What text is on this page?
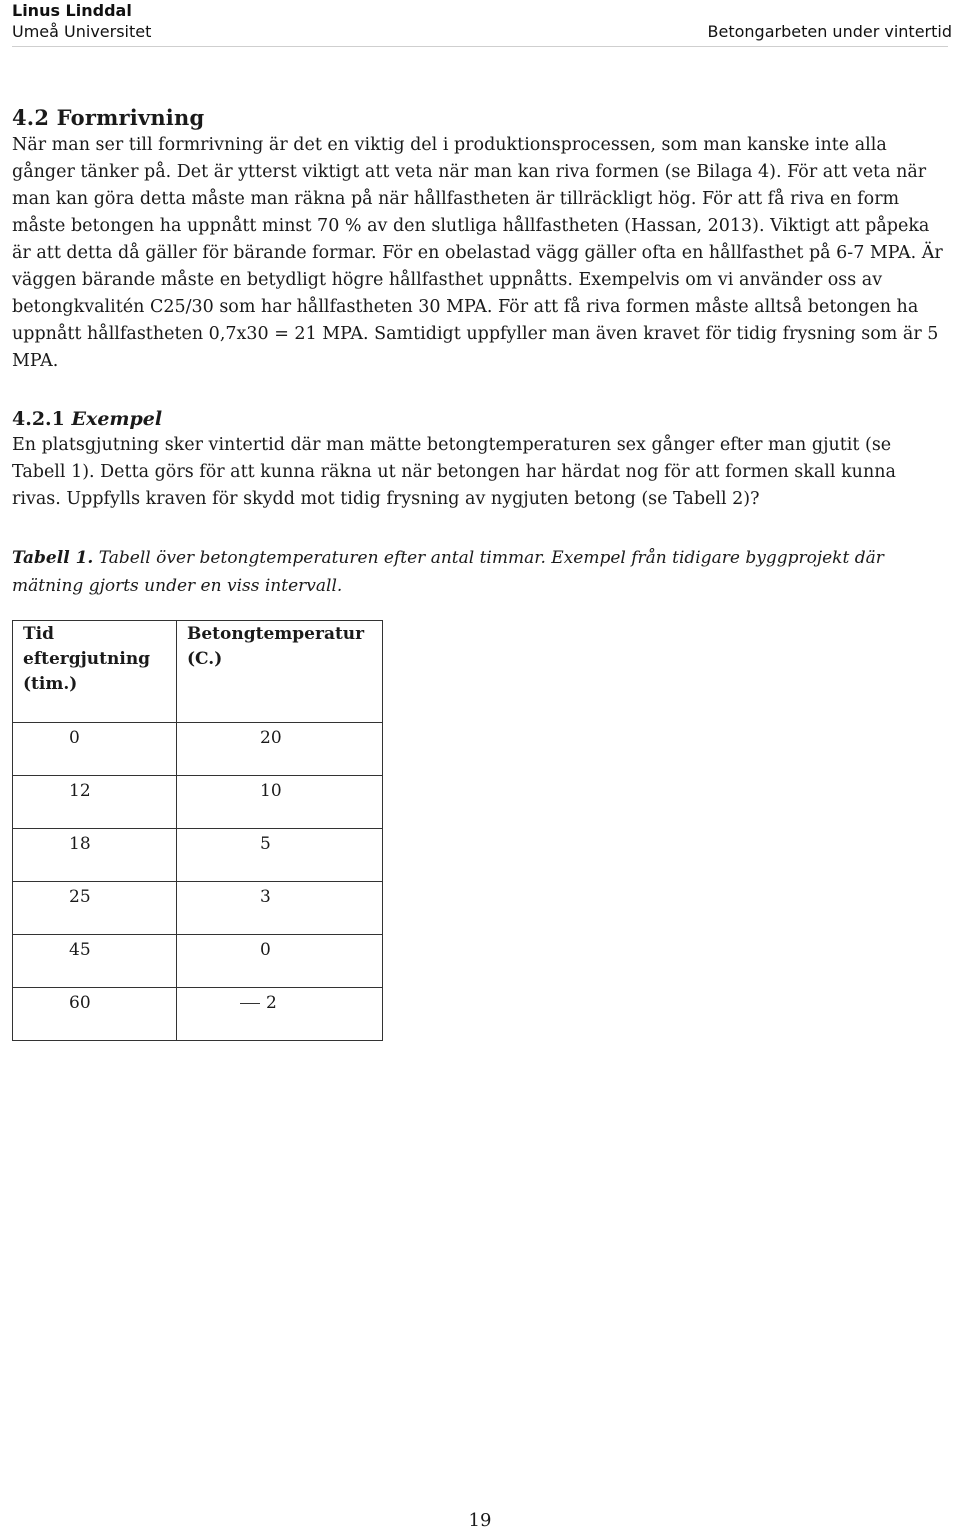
Linus Linddal
Umeå Universitet	Betongarbeten under vintertid
4.2 Formrivning

När man ser till formrivning är det en viktig del i produktionsprocessen, som man kanske inte alla gånger tänker på. Det är ytterst viktigt att veta när man kan riva formen (se Bilaga 4). För att veta när man kan göra detta måste man räkna på när hållfastheten är tillräckligt hög. För att få riva en form måste betongen ha uppnått minst 70 % av den slutliga hållfastheten (Hassan, 2013). Viktigt att påpeka är att detta då gäller för bärande formar. För en obelastad vägg gäller ofta en hållfasthet på 6-7 MPA. Är väggen bärande måste en betydligt högre hållfasthet uppnåtts. Exempelvis om vi använder oss av betongkvalitén C25/30 som har hållfastheten 30 MPA. För att få riva formen måste alltså betongen ha uppnått hållfastheten 0,7x30 = 21 MPA. Samtidigt uppfyller man även kravet för tidig frysning som är 5 MPA.

4.2.1 Exempel

En platsgjutning sker vintertid där man mätte betongtemperaturen sex gånger efter man gjutit (se Tabell 1). Detta görs för att kunna räkna ut när betongen har härdat nog för att formen skall kunna rivas. Uppfylls kraven för skydd mot tidig frysning av nygjuten betong (se Tabell 2)?

Tabell 1. Tabell över betongtemperaturen efter antal timmar. Exempel från tidigare byggprojekt där mätning gjorts under en viss intervall.
Tid eftergjutning (tim.)	Betongtemperatur (C.)
0	20
12	10
18	5
25	3
45	0
60	2
19
